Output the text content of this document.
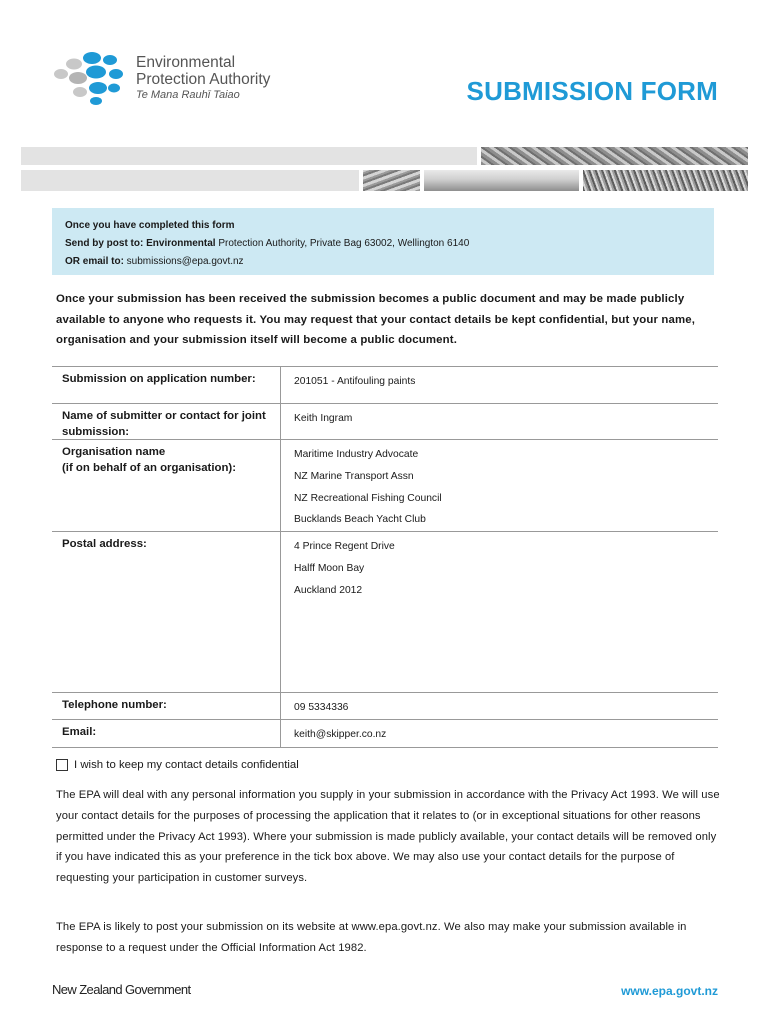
Environmental
Protection Authority
Te Mana Rauhī Taiao	SUBMISSION FORM
Once you have completed this form
Send by post to: Environmental Protection Authority, Private Bag 63002, Wellington 6140
OR email to: submissions@epa.govt.nz
Once your submission has been received the submission becomes a public document and may be made publicly available to anyone who requests it. You may request that your contact details be kept confidential, but your name, organisation and your submission itself will become a public document.
Submission on application number:	201051 - Antifouling paints
Name of submitter or contact for joint submission:
Keith Ingram
Organisation name
(if on behalf of an organisation):
Maritime Industry Advocate
NZ Marine Transport Assn
NZ Recreational Fishing Council
Bucklands Beach Yacht Club
Postal address:	4 Prince Regent Drive
Halff Moon Bay
Auckland 2012
Telephone number:	09 5334336
Email:	keith@skipper.co.nz
I wish to keep my contact details confidential
The EPA will deal with any personal information you supply in your submission in accordance with the Privacy Act 1993. We will use your contact details for the purposes of processing the application that it relates to (or in exceptional situations for other reasons permitted under the Privacy Act 1993). Where your submission is made publicly available, your contact details will be removed only if you have indicated this as your preference in the tick box above. We may also use your contact details for the purpose of requesting your participation in customer surveys.
The EPA is likely to post your submission on its website at www.epa.govt.nz. We also may make your submission available in response to a request under the Official Information Act 1982.
New Zealand Government	www.epa.govt.nz
